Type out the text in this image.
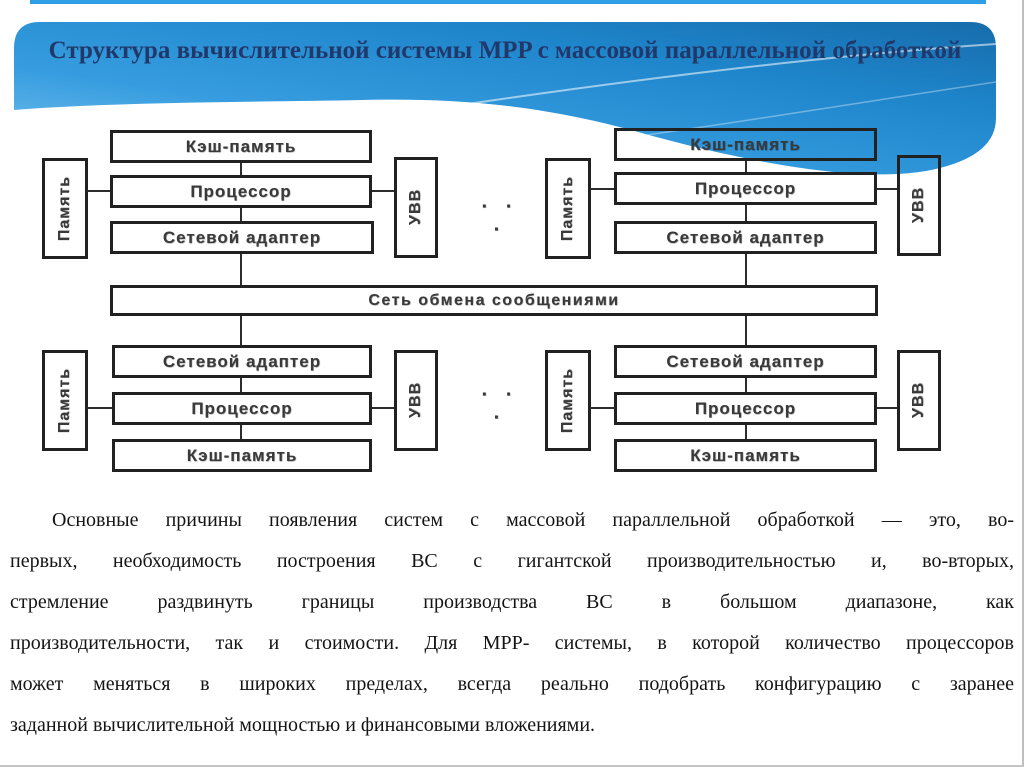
Структура вычислительной системы MPP с массовой параллельной обработкой
Кэш-память
Процессор
Сетевой адаптер
Память	УВВ
Кэш-память
Процессор
Сетевой адаптер
Память	УВВ
Сеть обмена сообщениями
Сетевой адаптер
Процессор
Кэш-память
Память	УВВ
Сетевой адаптер
Процессор
Кэш-память
Память	УВВ
· · ·
· · ·
Основные причины появления систем с массовой параллельной обработкой — это, во-
первых, необходимость построения ВС с гигантской производительностью и, во-вторых,
стремление раздвинуть границы производства ВС в большом диапазоне, как
производительности, так и стоимости. Для MPP- системы, в которой количество процессоров
может меняться в широких пределах, всегда реально подобрать конфигурацию с заранее
заданной вычислительной мощностью и финансовыми вложениями.
